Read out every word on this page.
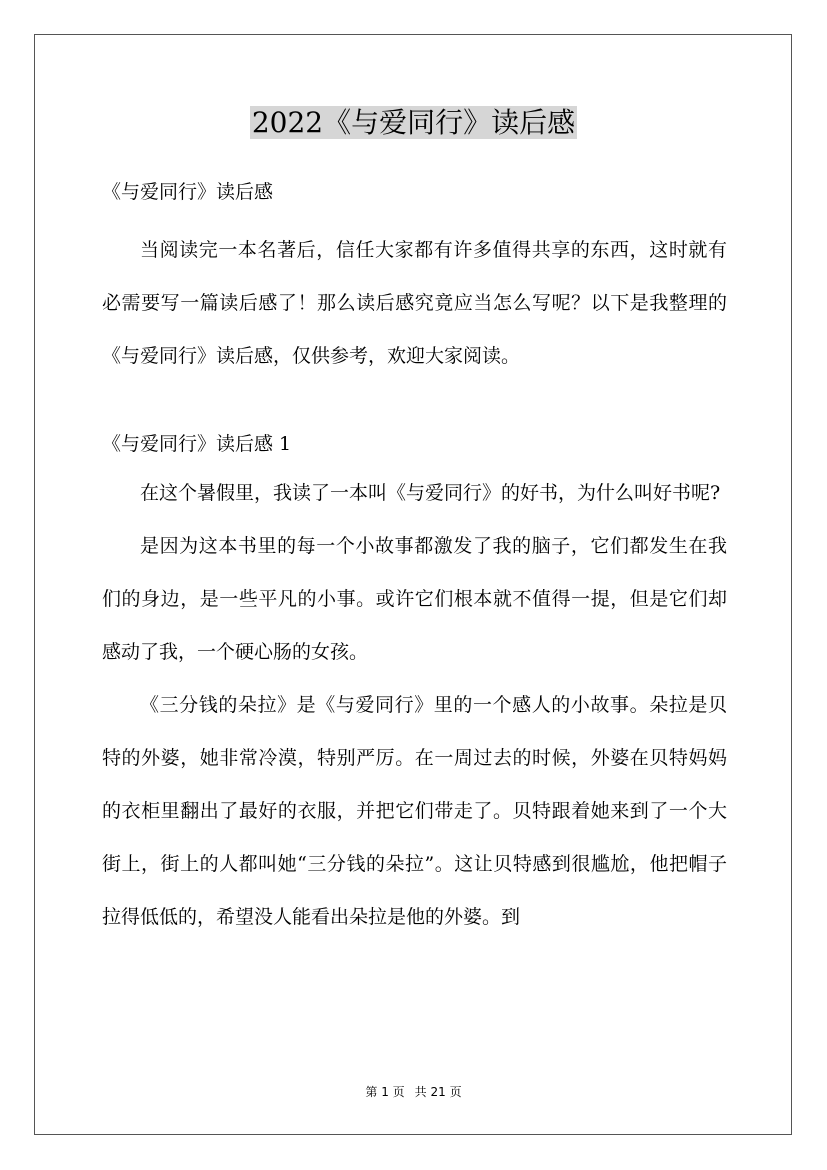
2022《与爱同行》读后感

《与爱同行》读后感

当阅读完一本名著后，信任大家都有许多值得共享的东西，这时就有必需要写一篇读后感了！那么读后感究竟应当怎么写呢？以下是我整理的《与爱同行》读后感，仅供参考，欢迎大家阅读。

《与爱同行》读后感 1

在这个暑假里，我读了一本叫《与爱同行》的好书，为什么叫好书呢?

是因为这本书里的每一个小故事都激发了我的脑子，它们都发生在我们的身边，是一些平凡的小事。或许它们根本就不值得一提，但是它们却感动了我，一个硬心肠的女孩。

《三分钱的朵拉》是《与爱同行》里的一个感人的小故事。朵拉是贝特的外婆，她非常冷漠，特别严厉。在一周过去的时候，外婆在贝特妈妈的衣柜里翻出了最好的衣服，并把它们带走了。贝特跟着她来到了一个大街上，街上的人都叫她“三分钱的朵拉”。这让贝特感到很尴尬，他把帽子拉得低低的，希望没人能看出朵拉是他的外婆。到

第 1 页 共 21 页
